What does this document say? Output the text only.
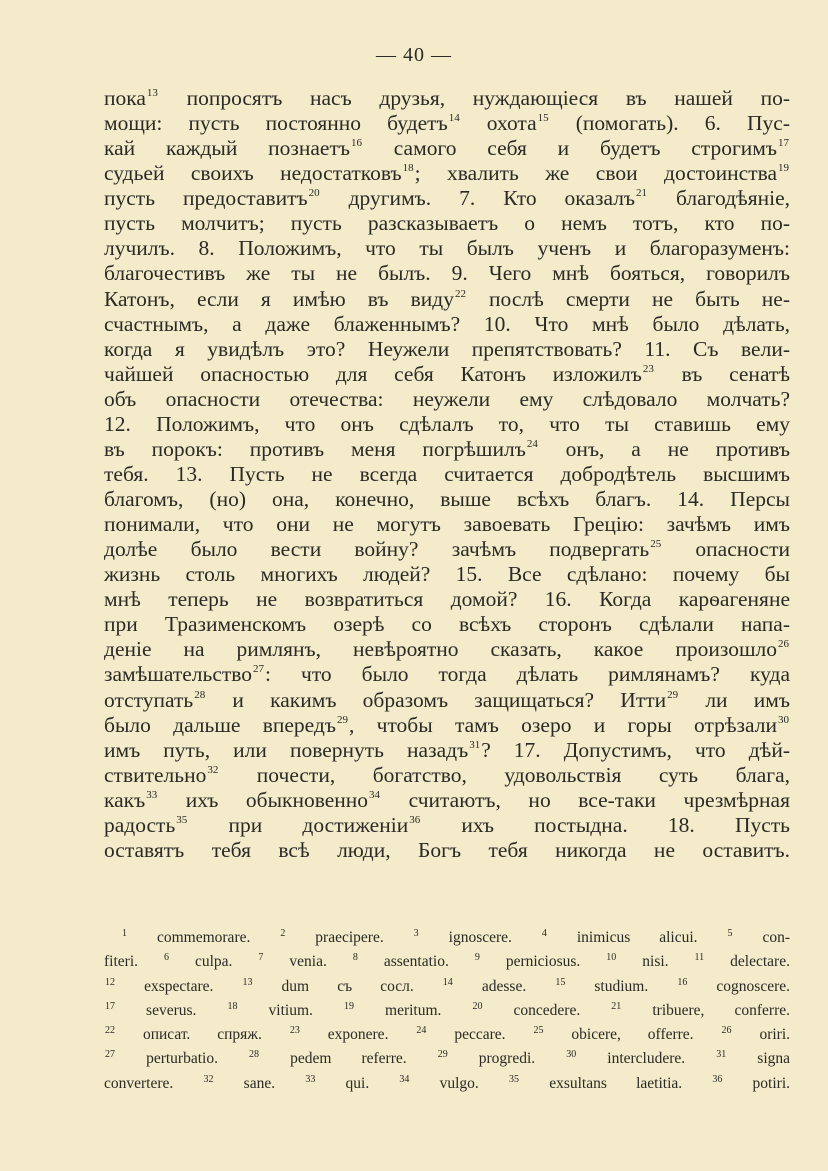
— 40 —
пока$^{13}$ попросятъ насъ друзья, нуждающіеся въ нашей по-
мощи: пусть постоянно будетъ$^{14}$ охота$^{15}$ (помогать). 6. Пус-
кай каждый познаетъ$^{16}$ самого себя и будетъ строгимъ$^{17}$
судьей своихъ недостатковъ$^{18}$; хвалить же свои достоинства$^{19}$
пусть предоставитъ$^{20}$ другимъ. 7. Кто оказалъ$^{21}$ благодѣяніе,
пусть молчитъ; пусть разсказываетъ о немъ тотъ, кто по-
лучилъ. 8. Положимъ, что ты былъ ученъ и благоразуменъ:
благочестивъ же ты не былъ. 9. Чего мнѣ бояться, говорилъ
Катонъ, если я имѣю въ виду$^{22}$ послѣ смерти не быть не-
счастнымъ, а даже блаженнымъ? 10. Что мнѣ было дѣлать,
когда я увидѣлъ это? Неужели препятствовать? 11. Съ вели-
чайшей опасностью для себя Катонъ изложилъ$^{23}$ въ сенатѣ
объ опасности отечества: неужели ему слѣдовало молчать?
12. Положимъ, что онъ сдѣлалъ то, что ты ставишь ему
въ порокъ: противъ меня погрѣшилъ$^{24}$ онъ, а не противъ
тебя. 13. Пусть не всегда считается добродѣтель высшимъ
благомъ, (но) она, конечно, выше всѣхъ благъ. 14. Персы
понимали, что они не могутъ завоевать Грецію: зачѣмъ имъ
долѣе было вести войну? зачѣмъ подвергать$^{25}$ опасности
жизнь столь многихъ людей? 15. Все сдѣлано: почему бы
мнѣ теперь не возвратиться домой? 16. Когда карѳагеняне
при Тразименскомъ озерѣ со всѣхъ сторонъ сдѣлали напа-
деніе на римлянъ, невѣроятно сказать, какое произошло$^{26}$
замѣшательство$^{27}$: что было тогда дѣлать римлянамъ? куда
отступать$^{28}$ и какимъ образомъ защищаться? Итти$^{29}$ ли имъ
было дальше впередъ$^{29}$, чтобы тамъ озеро и горы отрѣзали$^{30}$
имъ путь, или повернуть назадъ$^{31}$? 17. Допустимъ, что дѣй-
ствительно$^{32}$ почести, богатство, удовольствія суть блага,
какъ$^{33}$ ихъ обыкновенно$^{34}$ считаютъ, но все-таки чрезмѣрная
радость$^{35}$ при достиженіи$^{36}$ ихъ постыдна. 18. Пусть
оставятъ тебя всѣ люди, Богъ тебя никогда не оставитъ.
$^1$ commemorare. $^2$ praecipere. $^3$ ignoscere. $^4$ inimicus alicui. $^5$ con-
fiteri. $^6$ culpa. $^7$ venia. $^8$ assentatio. $^9$ perniciosus. $^{10}$ nisi. $^{11}$ delectare.
$^{12}$ exspectare. $^{13}$ dum съ сосл. $^{14}$ adesse. $^{15}$ studium. $^{16}$ cognoscere.
$^{17}$ severus. $^{18}$ vitium. $^{19}$ meritum. $^{20}$ concedere. $^{21}$ tribuere, conferre.
$^{22}$ описат. спряж. $^{23}$ exponere. $^{24}$ peccare. $^{25}$ obicere, offerre. $^{26}$ oriri.
$^{27}$ perturbatio. $^{28}$ pedem referre. $^{29}$ progredi. $^{30}$ intercludere. $^{31}$ signa
convertere. $^{32}$ sane. $^{33}$ qui. $^{34}$ vulgo. $^{35}$ exsultans laetitia. $^{36}$ potiri.
